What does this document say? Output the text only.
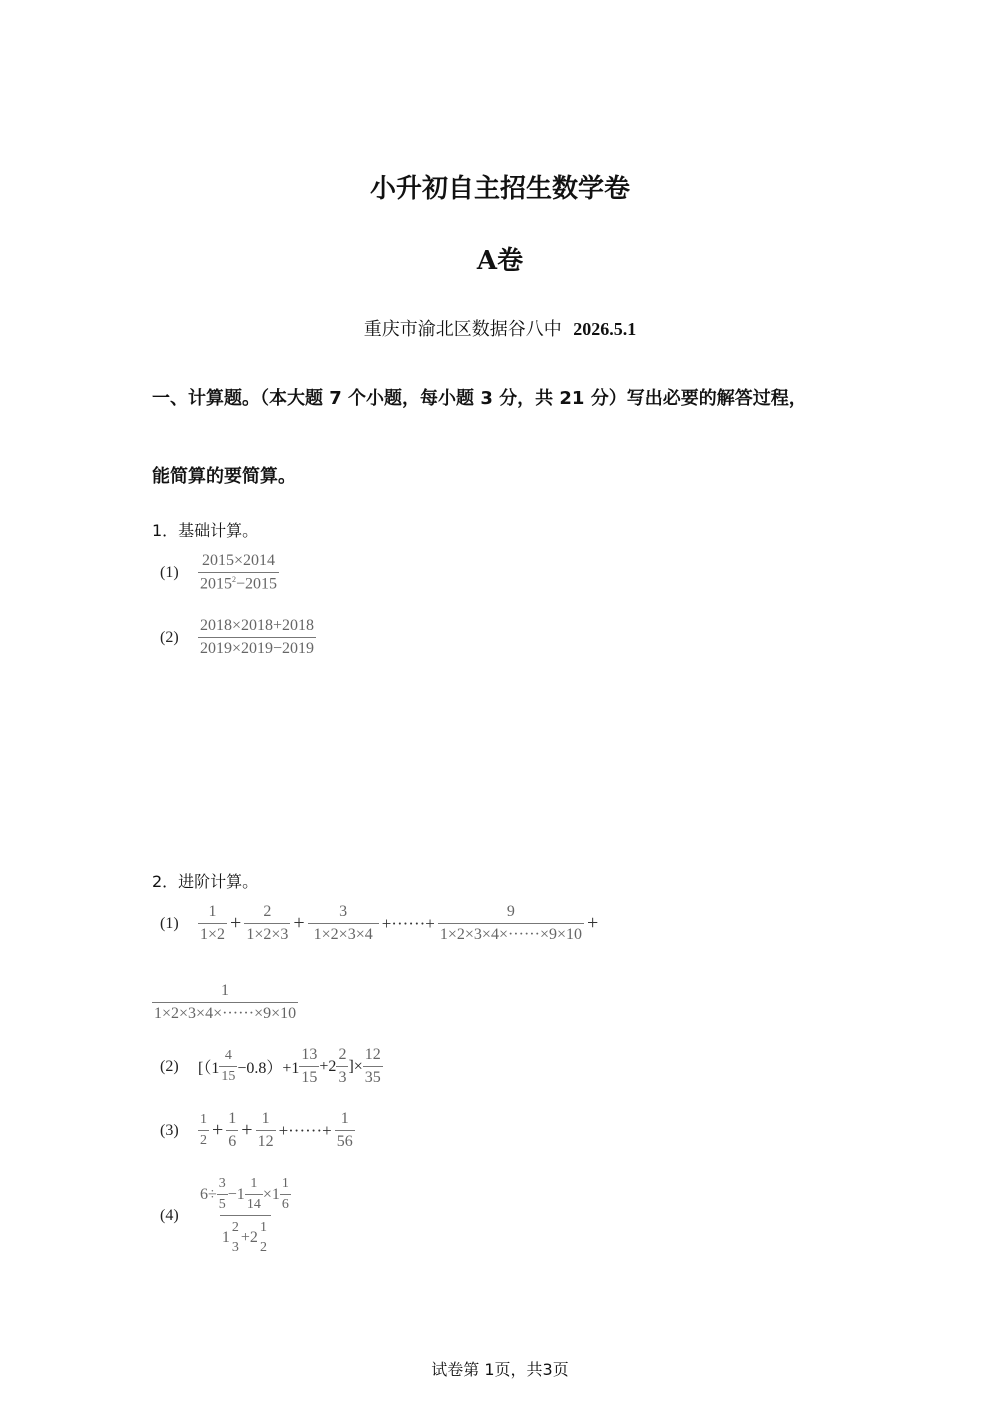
小升初自主招生数学卷
A卷
重庆市渝北区数据谷八中 2026.5.1
一、计算题。（本大题 7 个小题，每小题 3 分，共 21 分）写出必要的解答过程，
能简算的要简算。
1．基础计算。
(1)	$\frac{2015\times 2014}{2015^2-2015}$
(2)	$\frac{2018\times 2018+2018}{2019\times 2019-2019}$
2．进阶计算。
(1)	$\frac{1}{1\times 2} + \frac{2}{1\times 2\times 3} + \frac{3}{1\times 2\times 3\times 4}$ +······+ $\frac{9}{1\times 2\times 3\times 4\times\cdot\cdot\cdot\cdot\cdot\cdot\times 9\times 10}$ +
$\frac{1}{1\times 2\times 3\times 4\times\cdot\cdot\cdot\cdot\cdot\cdot\times 9\times 10}$
(2)	[$(1 \frac{4}{15} -0.8)+1 \frac{13}{15} +2 \frac{2}{3}$ ]× $\frac{12}{35}$
(3)	$\frac{1}{2} + \frac{1}{6} + \frac{1}{12}$ +······+ $\frac{1}{56}$
(4)	$6\div \frac{3}{5} -1 \frac{1}{14} \times 1 \frac{1}{6}$
1
2
3
+2
1
2
试卷第 1页，共3页
